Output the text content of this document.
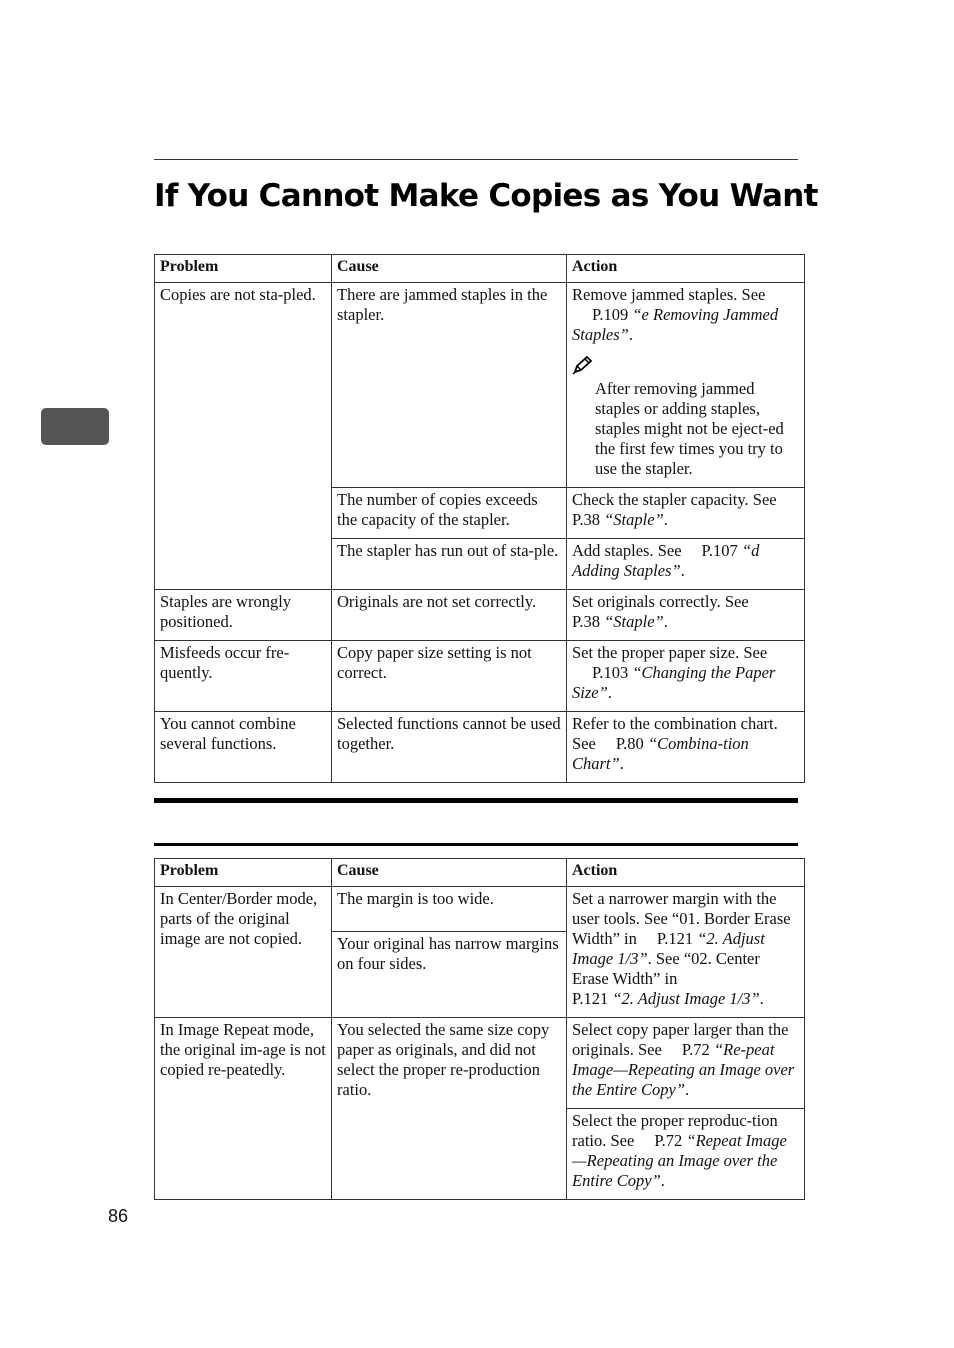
If You Cannot Make Copies as You Want
Problem	Cause	Action
Copies are not sta-pled.	There are jammed staples in the stapler.	Remove jammed staples. See
P.109 “e Removing Jammed Staples”.
After removing jammed staples or adding staples, staples might not be eject-ed the first few times you try to use the stapler.

	The number of copies exceeds the capacity of the stapler.	Check the stapler capacity. SeeP.38 “Staple”.
	The stapler has run out of sta-ple.	Add staples. See P.107 “d Adding Staples”.
Staples are wrongly positioned.	Originals are not set correctly.	Set originals correctly. See
P.38 “Staple”.
Misfeeds occur fre-quently.	Copy paper size setting is not correct.	Set the proper paper size. See
P.103 “Changing the Paper Size”.
You cannot combine several functions.	Selected functions cannot be used together.	Refer to the combination chart. See P.80 “Combina-tion Chart”.
Problem	Cause	Action
In Center/Border mode, parts of the original image are not copied.	The margin is too wide.	Set a narrower margin with the user tools. See “01. Border Erase Width” in P.121 “2. Adjust Image 1/3”. See “02. Center Erase Width” in
P.121 “2. Adjust Image 1/3”.
	Your original has narrow margins on four sides.	
In Image Repeat mode, the original im-age is not copied re-peatedly.	You selected the same size copy paper as originals, and did not select the proper re-production ratio.	Select copy paper larger than the originals. See P.72 “Re-peat Image—Repeating an Image over the Entire Copy”.
		Select the proper reproduc-tion ratio. See P.72 “Repeat Image—Repeating an Image over the Entire Copy”.
86
